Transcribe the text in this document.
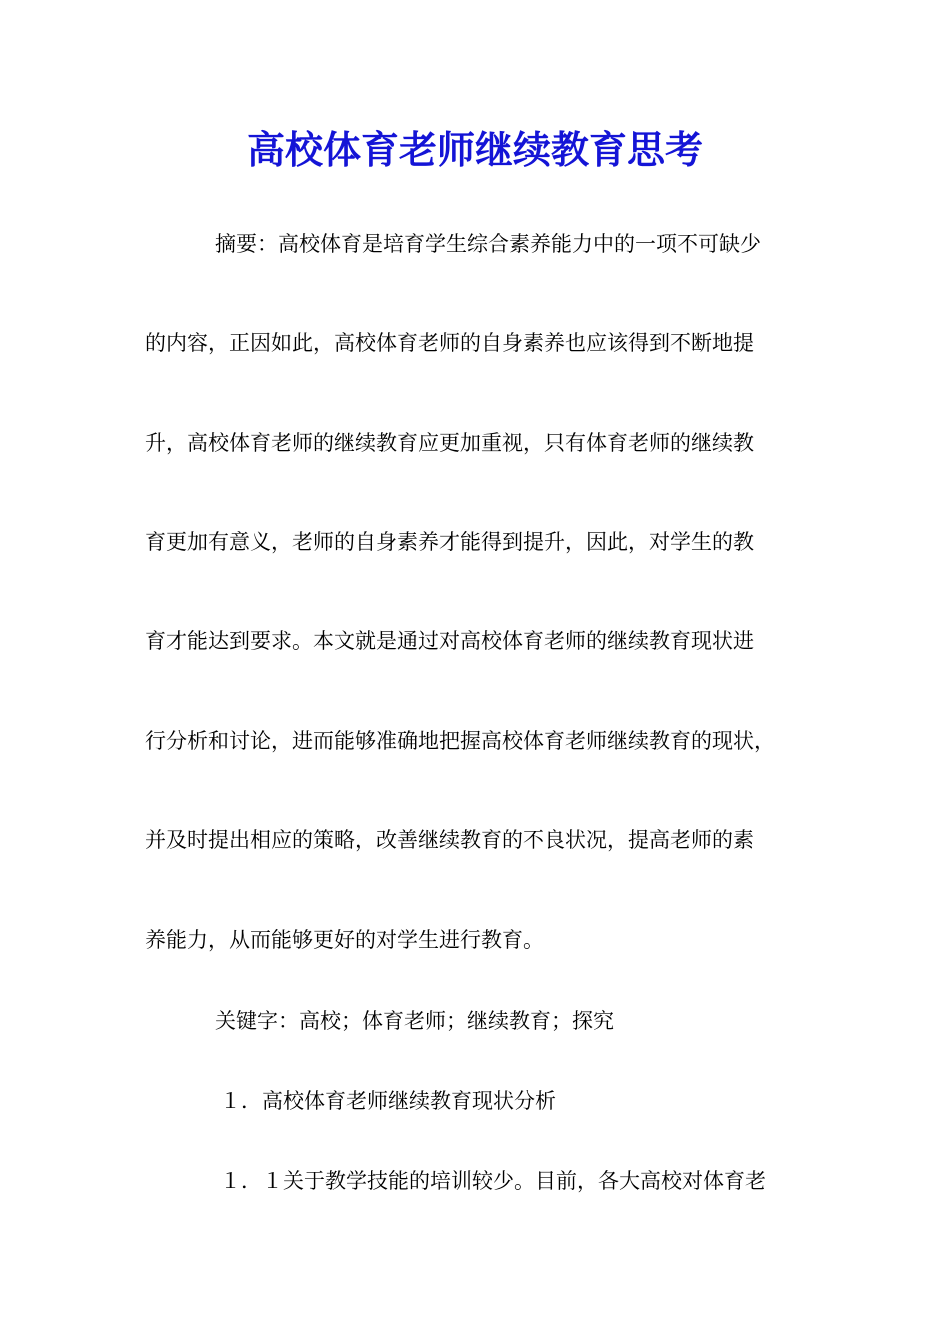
高校体育老师继续教育思考
摘要：高校体育是培育学生综合素养能力中的一项不可缺少
的内容，正因如此，高校体育老师的自身素养也应该得到不断地提
升，高校体育老师的继续教育应更加重视，只有体育老师的继续教
育更加有意义，老师的自身素养才能得到提升，因此，对学生的教
育才能达到要求。本文就是通过对高校体育老师的继续教育现状进
行分析和讨论，进而能够准确地把握高校体育老师继续教育的现状，
并及时提出相应的策略，改善继续教育的不良状况，提高老师的素
养能力，从而能够更好的对学生进行教育。
关键字：高校；体育老师；继续教育；探究
１．高校体育老师继续教育现状分析
１．１关于教学技能的培训较少。目前，各大高校对体育老
